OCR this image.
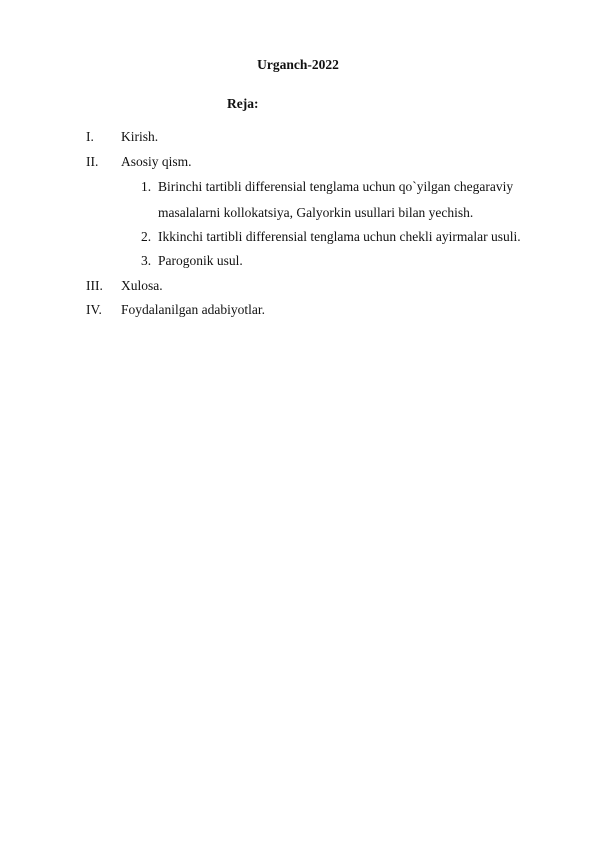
Urganch-2022
Reja:
I. Kirish.
II. Asosiy qism.
1. Birinchi tartibli differensial tenglama uchun qo`yilgan chegaraviy
masalalarni kollokatsiya, Galyorkin usullari bilan yechish.
2. Ikkinchi tartibli differensial tenglama uchun chekli ayirmalar usuli.
3. Parogonik usul.
III. Xulosa.
IV. Foydalanilgan adabiyotlar.
